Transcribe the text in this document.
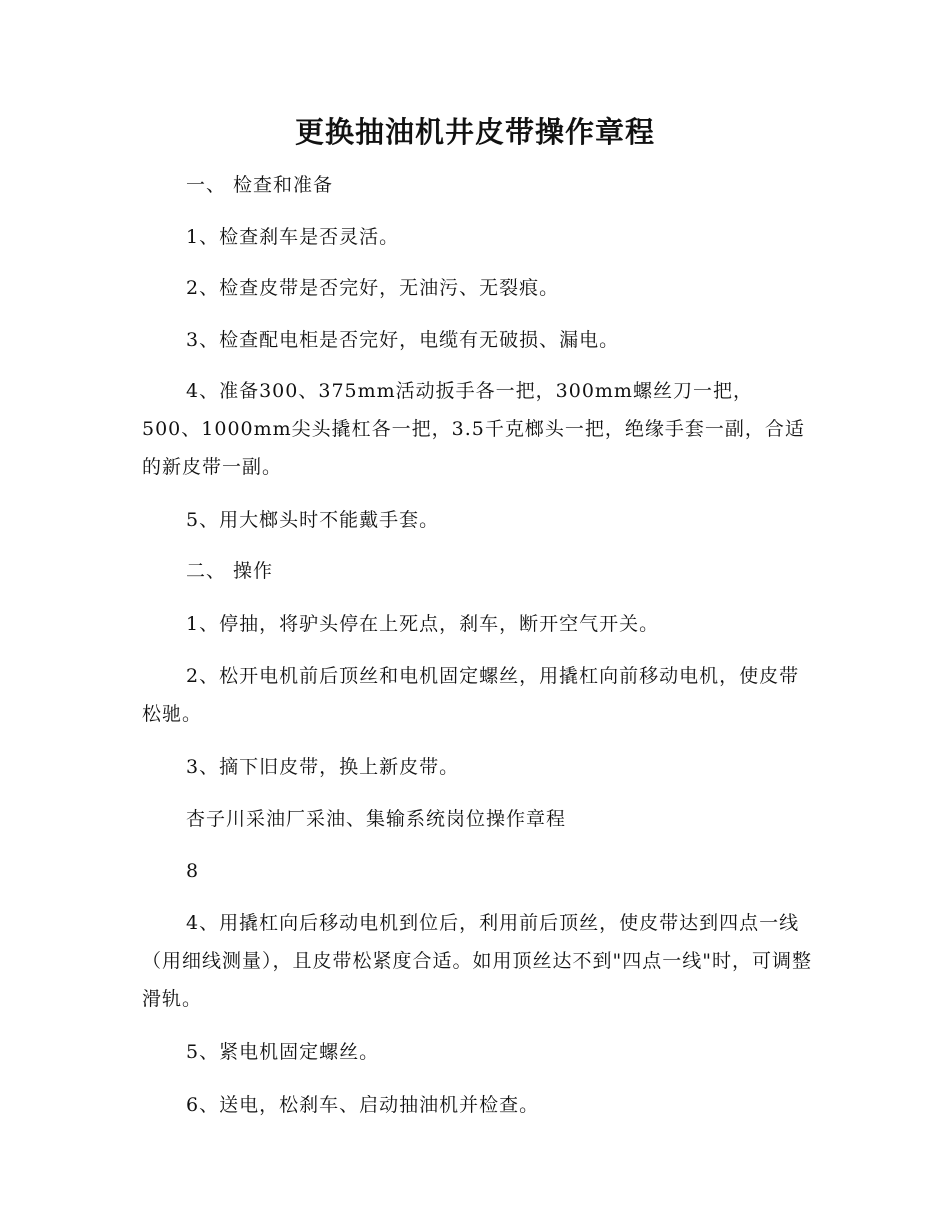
更换抽油机井皮带操作章程

一、 检查和准备

1、检查刹车是否灵活。

2、检查皮带是否完好，无油污、无裂痕。

3、检查配电柜是否完好，电缆有无破损、漏电。

4、准备300、375mm活动扳手各一把，300mm螺丝刀一把，500、1000mm尖头撬杠各一把，3.5千克榔头一把，绝缘手套一副，合适的新皮带一副。

5、用大榔头时不能戴手套。

二、 操作

1、停抽，将驴头停在上死点，刹车，断开空气开关。

2、松开电机前后顶丝和电机固定螺丝，用撬杠向前移动电机，使皮带松驰。

3、摘下旧皮带，换上新皮带。

杏子川采油厂采油、集输系统岗位操作章程

8

4、用撬杠向后移动电机到位后，利用前后顶丝，使皮带达到四点一线（用细线测量），且皮带松紧度合适。如用顶丝达不到"四点一线"时，可调整滑轨。

5、紧电机固定螺丝。

6、送电，松刹车、启动抽油机并检查。
